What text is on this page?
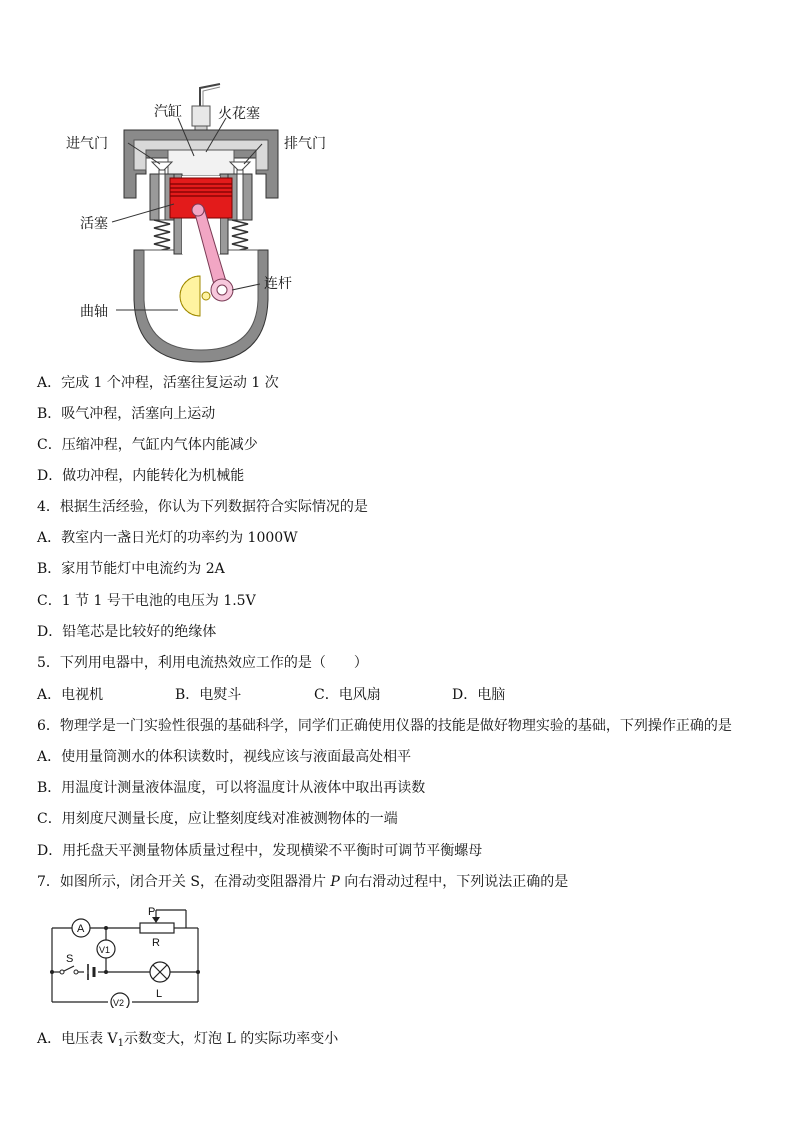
汽缸	火花塞
进气门	排气门
活塞
连杆
曲轴
A．完成 1 个冲程，活塞往复运动 1 次
B．吸气冲程，活塞向上运动
C．压缩冲程，气缸内气体内能减少
D．做功冲程，内能转化为机械能
4．根据生活经验，你认为下列数据符合实际情况的是
A．教室内一盏日光灯的功率约为 1000W
B．家用节能灯中电流约为 2A
C．1 节 1 号干电池的电压为 1.5V
D．铅笔芯是比较好的绝缘体
5．下列用电器中，利用电流热效应工作的是（　　）
A．电视机	B．电熨斗	C．电风扇	D．电脑
6．物理学是一门实验性很强的基础科学，同学们正确使用仪器的技能是做好物理实验的基础，下列操作正确的是
A．使用量筒测水的体积读数时，视线应该与液面最高处相平
B．用温度计测量液体温度，可以将温度计从液体中取出再读数
C．用刻度尺测量长度，应让整刻度线对准被测物体的一端
D．用托盘天平测量物体质量过程中，发现横梁不平衡时可调节平衡螺母
7．如图所示，闭合开关 S，在滑动变阻器滑片 P 向右滑动过程中，下列说法正确的是
A
P
R
V1
S
L
V2
A．电压表 $V_1$示数变大，灯泡 L 的实际功率变小
